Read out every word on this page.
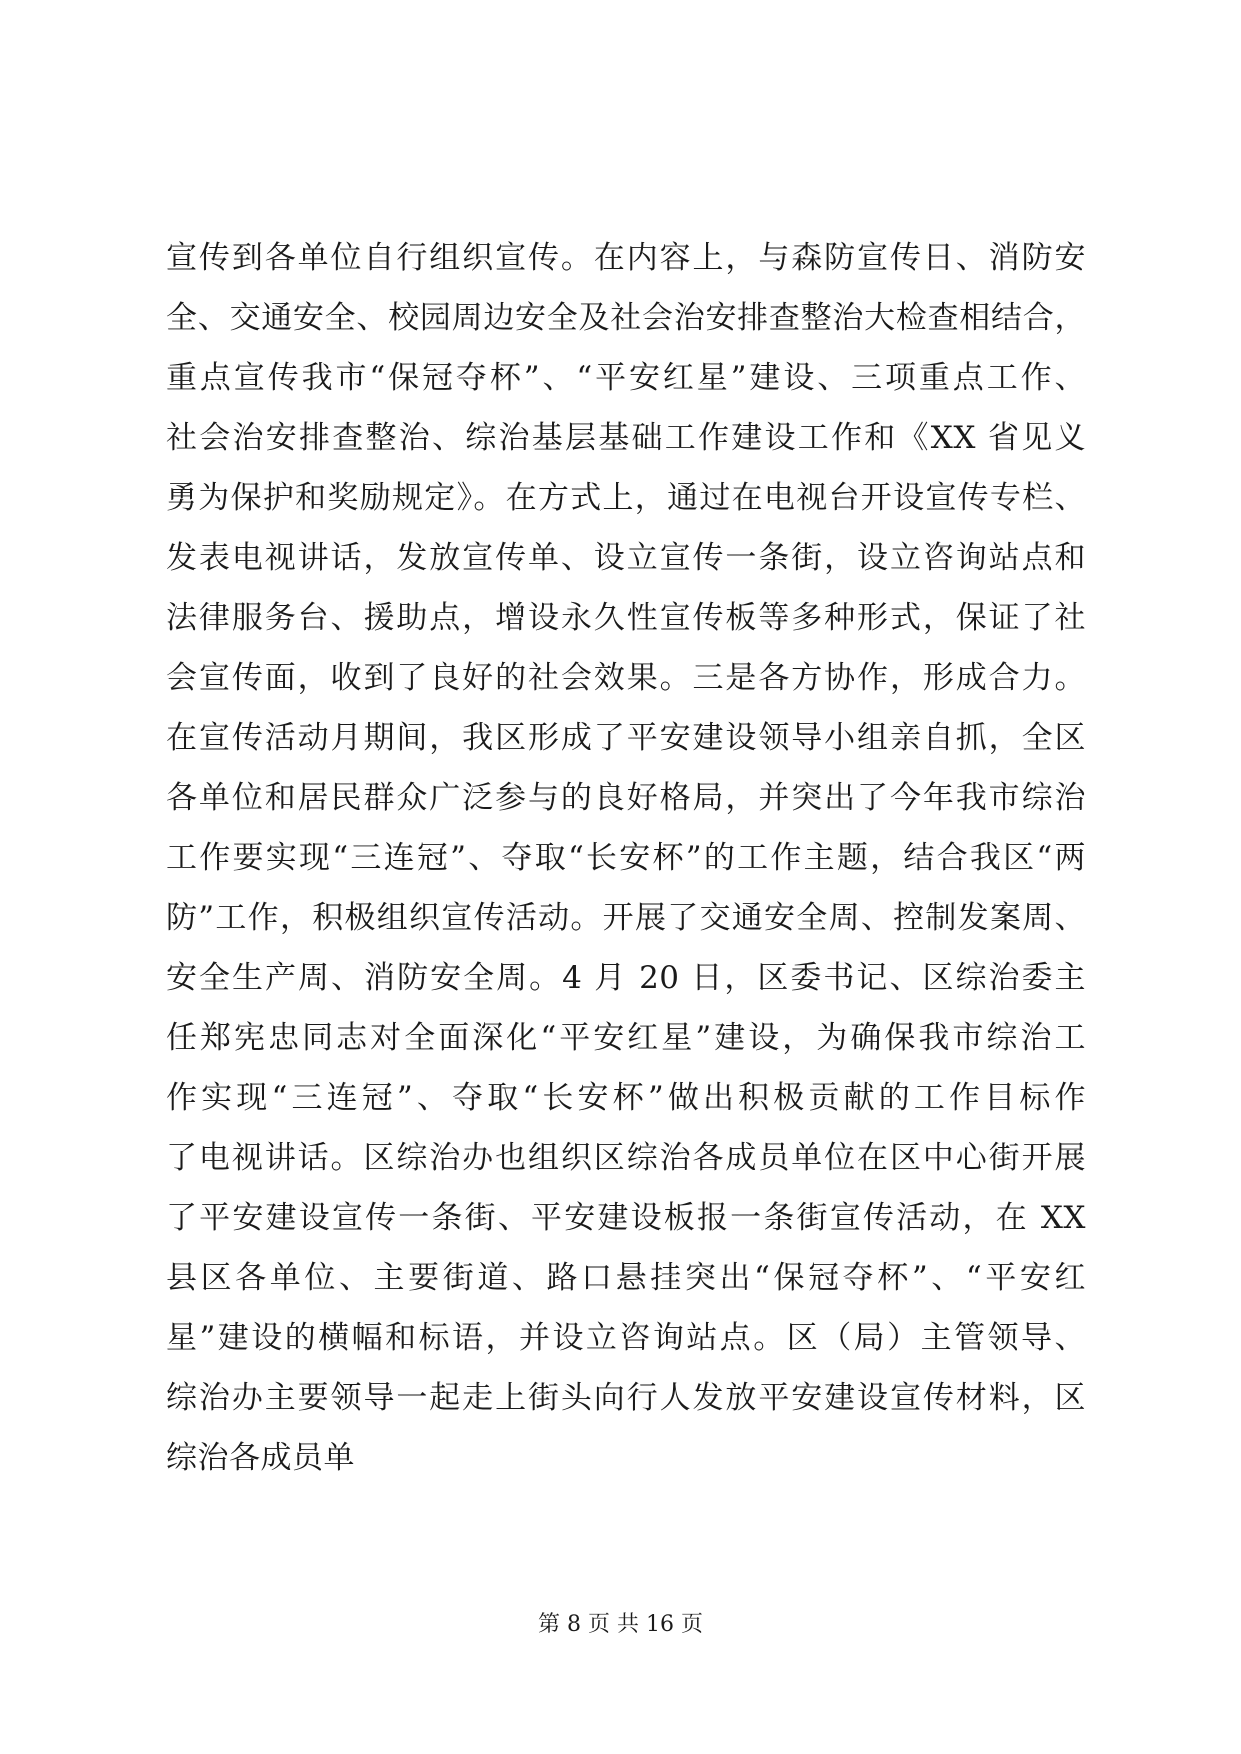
宣传到各单位自行组织宣传。在内容上，与森防宣传日、消防安
全、交通安全、校园周边安全及社会治安排查整治大检查相结合，
重点宣传我市“保冠夺杯”、“平安红星”建设、三项重点工作、
社会治安排查整治、综治基层基础工作建设工作和《XX 省见义
勇为保护和奖励规定》。在方式上，通过在电视台开设宣传专栏、
发表电视讲话，发放宣传单、设立宣传一条街，设立咨询站点和
法律服务台、援助点，增设永久性宣传板等多种形式，保证了社
会宣传面，收到了良好的社会效果。三是各方协作，形成合力。
在宣传活动月期间，我区形成了平安建设领导小组亲自抓，全区
各单位和居民群众广泛参与的良好格局，并突出了今年我市综治
工作要实现“三连冠”、夺取“长安杯”的工作主题，结合我区“两
防”工作，积极组织宣传活动。开展了交通安全周、控制发案周、
安全生产周、消防安全周。4 月 20 日，区委书记、区综治委主
任郑宪忠同志对全面深化“平安红星”建设，为确保我市综治工
作实现“三连冠”、夺取“长安杯”做出积极贡献的工作目标作
了电视讲话。区综治办也组织区综治各成员单位在区中心街开展
了平安建设宣传一条街、平安建设板报一条街宣传活动，在 XX
县区各单位、主要街道、路口悬挂突出“保冠夺杯”、“平安红
星”建设的横幅和标语，并设立咨询站点。区（局）主管领导、
综治办主要领导一起走上街头向行人发放平安建设宣传材料，区
综治各成员单
第 8 页 共 16 页
